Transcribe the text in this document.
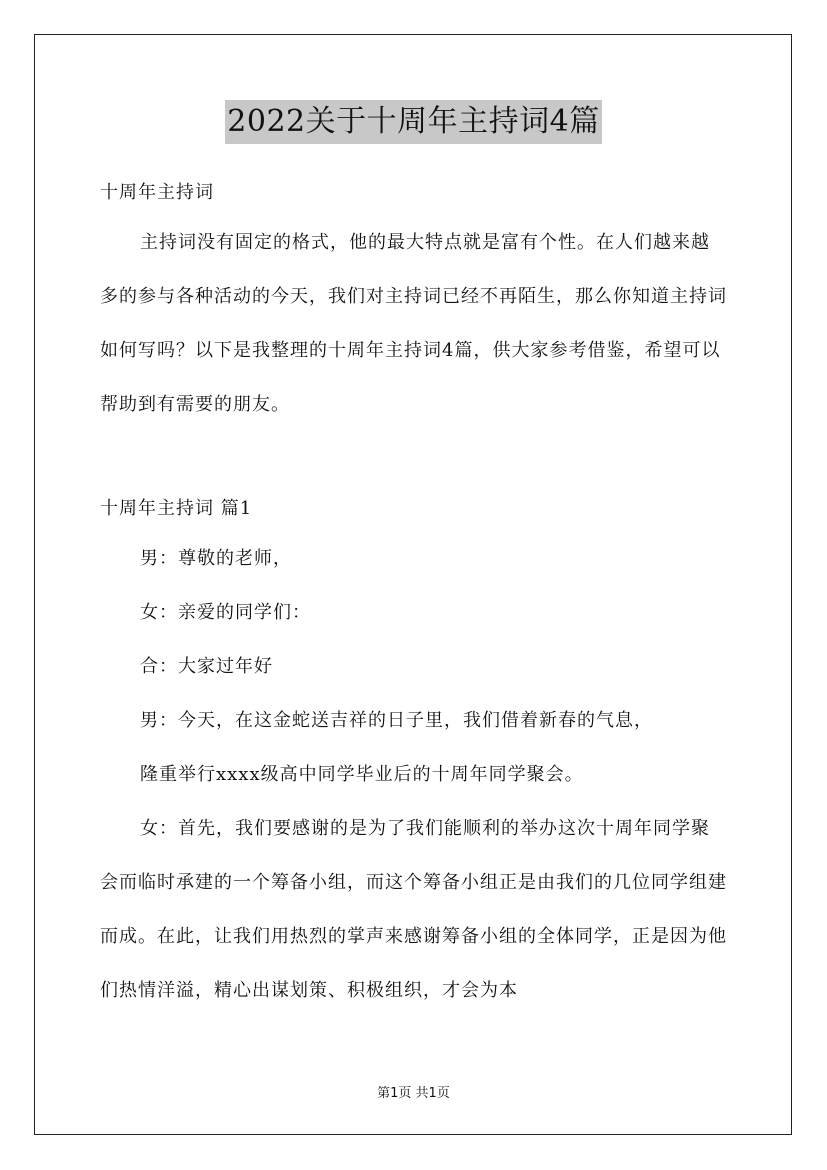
2022关于十周年主持词4篇

十周年主持词

主持词没有固定的格式，他的最大特点就是富有个性。在人们越来越多的参与各种活动的今天，我们对主持词已经不再陌生，那么你知道主持词如何写吗？以下是我整理的十周年主持词4篇，供大家参考借鉴，希望可以帮助到有需要的朋友。

十周年主持词 篇1

男：尊敬的老师，

女：亲爱的同学们：

合：大家过年好

男：今天，在这金蛇送吉祥的日子里，我们借着新春的气息，

隆重举行xxxx级高中同学毕业后的十周年同学聚会。

女：首先，我们要感谢的是为了我们能顺利的举办这次十周年同学聚会而临时承建的一个筹备小组，而这个筹备小组正是由我们的几位同学组建而成。在此，让我们用热烈的掌声来感谢筹备小组的全体同学，正是因为他们热情洋溢，精心出谋划策、积极组织，才会为本

第1页 共1页
